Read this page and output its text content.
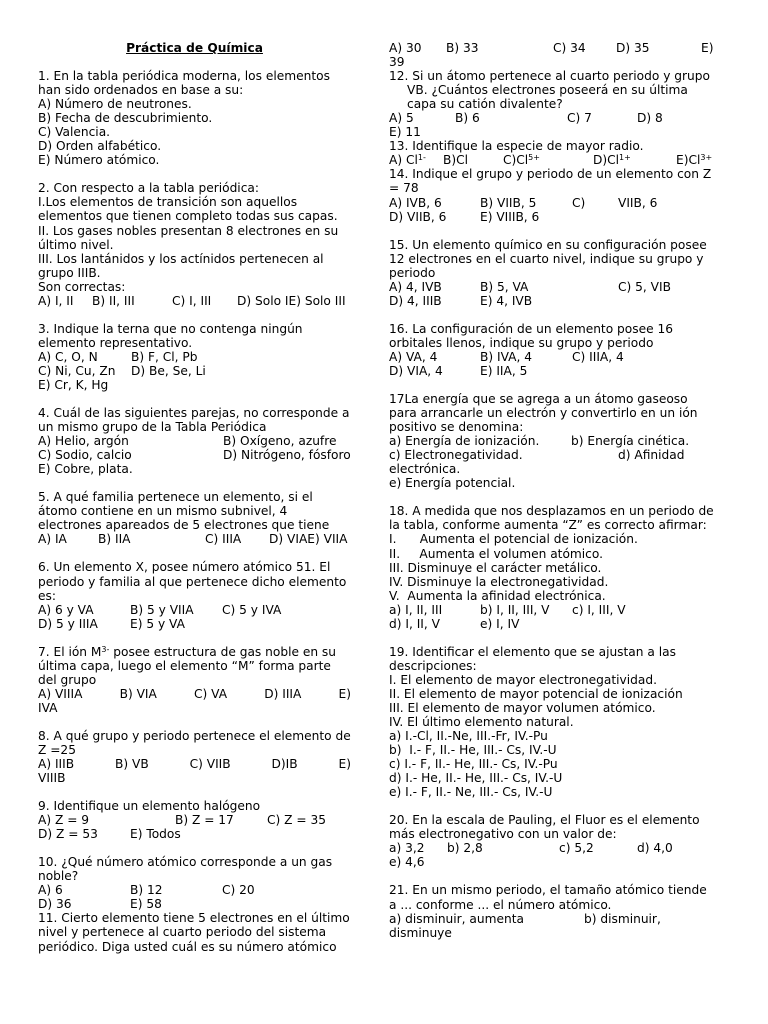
Práctica de Química
1. En la tabla periódica moderna, los elementos han sido ordenados en base a su:
A) Número de neutrones.
B) Fecha de descubrimiento.
C) Valencia.
D) Orden alfabético.
E) Número atómico.
2. Con respecto a la tabla periódica:
I.Los elementos de transición son aquellos elementos que tienen completo todas sus capas.
II. Los gases nobles presentan 8 electrones en su último nivel.
III. Los lantánidos y los actínidos pertenecen al grupo IIIB.
Son correctas:
A) I, II	B) II, III	C) I, III	D) Solo IE) Solo III
3. Indique la terna que no contenga ningún elemento representativo.
A) C, O, N	B) F, Cl, Pb
C) Ni, Cu, Zn	D) Be, Se, Li
E) Cr, K, Hg
4. Cuál de las siguientes parejas, no corresponde a un mismo grupo de la Tabla Periódica
A) Helio, argón	B) Oxígeno, azufre
C) Sodio, calcio	D) Nitrógeno, fósforo
E) Cobre, plata.
5. A qué familia pertenece un elemento, si el átomo contiene en un mismo subnivel, 4 electrones apareados de 5 electrones que tiene
A) IA	B) IIA	C) IIIA	D) VIAE) VIIA
6. Un elemento X, posee número atómico 51. El periodo y familia al que pertenece dicho elemento es:
A) 6 y VA	B) 5 y VIIA	C) 5 y IVA
D) 5 y IIIA	E) 5 y VA
7. El ión $M^{3-}$ posee estructura de gas noble en su última capa, luego el elemento “M” forma parte del grupo
A) VIIIA	B) VIA	C) VA	D) IIIA	E)
IVA
8. A qué grupo y periodo pertenece el elemento de Z =25
A) IIIB	B) VB	C) VIIB	D)IB	E)
VIIIB
9. Identifique un elemento halógeno
A) Z = 9	B) Z = 17	C) Z = 35
D) Z = 53	E) Todos
10. ¿Qué número atómico corresponde a un gas noble?
A) 6	B) 12	C) 20
D) 36	E) 58
11. Cierto elemento tiene 5 electrones en el último nivel y pertenece al cuarto periodo del sistema periódico. Diga usted cuál es su número atómico
A) 30	B) 33	C) 34	D) 35	E)
39
12. Si un átomo pertenece al cuarto periodo y grupo VB. ¿Cuántos electrones poseerá en su última capa su catión divalente?
A) 5	B) 6	C) 7	D) 8
E) 11
13. Identifique la especie de mayor radio.
A) $Cl^{1-}$	B)Cl	$C)Cl^{5+}$	$D)Cl^{1+}$	$E)Cl^{3+}$
14. Indique el grupo y periodo de un elemento con Z = 78
A) IVB, 6	B) VIIB, 5	C)	VIIB, 6
D) VIIB, 6	E) VIIIB, 6
15. Un elemento químico en su configuración posee 12 electrones en el cuarto nivel, indique su grupo y periodo
A) 4, IVB	B) 5, VA	C) 5, VIB
D) 4, IIIB	E) 4, IVB
16. La configuración de un elemento posee 16 orbitales llenos, indique su grupo y periodo
A) VA, 4	B) IVA, 4	C) IIIA, 4
D) VIA, 4	E) IIA, 5
17La energía que se agrega a un átomo gaseoso para arrancarle un electrón y convertirlo en un ión positivo se denomina:
a) Energía de ionización.	b) Energía cinética.
c) Electronegatividad.	d) Afinidad
electrónica.
e) Energía potencial.
18. A medida que nos desplazamos en un periodo de la tabla, conforme aumenta “Z” es correcto afirmar:
I.      Aumenta el potencial de ionización.
II.     Aumenta el volumen atómico.
III. Disminuye el carácter metálico.
IV. Disminuye la electronegatividad.
V.  Aumenta la afinidad electrónica.
a) I, II, III	b) I, II, III, V	c) I, III, V
d) I, II, V	e) I, IV
19. Identificar el elemento que se ajustan a las descripciones:
I. El elemento de mayor electronegatividad.
II. El elemento de mayor potencial de ionización
III. El elemento de mayor volumen atómico.
IV. El último elemento natural.
a) I.-Cl, II.-Ne, III.-Fr, IV.-Pu
b)  I.- F, II.- He, III.- Cs, IV.-U
c) I.- F, II.- He, III.- Cs, IV.-Pu
d) I.- He, II.- He, III.- Cs, IV.-U
e) I.- F, II.- Ne, III.- Cs, IV.-U
20. En la escala de Pauling, el Fluor es el elemento más electronegativo con un valor de:
a) 3,2	b) 2,8	c) 5,2	d) 4,0
e) 4,6
21. En un mismo periodo, el tamaño atómico tiende a ... conforme ... el número atómico.
a) disminuir, aumenta	b) disminuir,
disminuye
